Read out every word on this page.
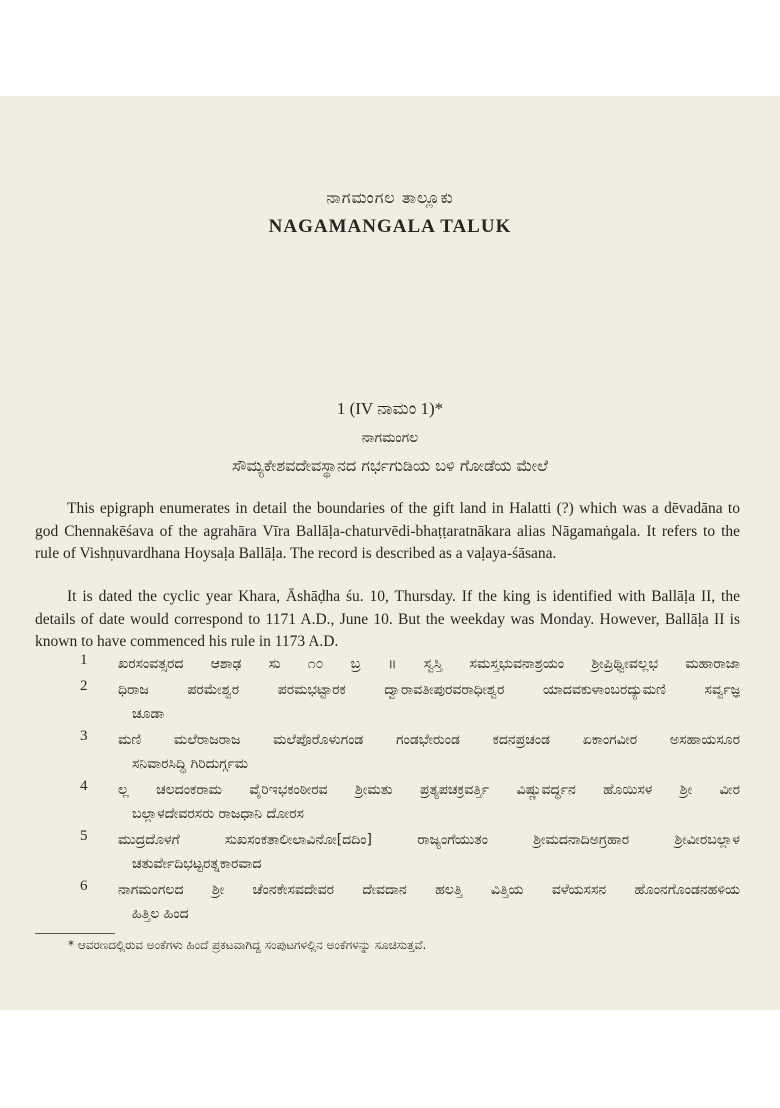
ನಾಗಮಂಗಲ ತಾಲ್ಲೂಕು
NAGAMANGALA TALUK
1 (IV ನಾಮಂ 1)*
ನಾಗಮಂಗಲ
ಸೌಮ್ಯಕೇಶವದೇವಸ್ಥಾನದ ಗರ್ಭಗುಡಿಯ ಬಳಿ ಗೋಡೆಯ ಮೇಲೆ

This epigraph enumerates in detail the boundaries of the gift land in Halatti (?) which was a dēvadāna to god Chennakēśava of the agrahāra Vīra Ballāḷa-chaturvēdi-bhaṭṭaratnākara alias Nāgamaṅgala. It refers to the rule of Vishṇuvardhana Hoysaḷa Ballāḷa. The record is described as a vaḷaya-śāsana.

It is dated the cyclic year Khara, Āshāḍha śu. 10, Thursday. If the king is identified with Ballāḷa II, the details of date would correspond to 1171 A.D., June 10. But the weekday was Monday. However, Ballāḷa II is known to have commenced his rule in 1173 A.D.

1	ಖರಸಂವತ್ಸರದ ಆಶಾಢ ಸು ೧೦ ಬ್ರ ॥ ಸ್ವಸ್ತಿ ಸಮಸ್ತಭುವನಾಶ್ರಯಂ ಶ್ರೀಪ್ರಿಥ್ವೀವಲ್ಲಭ ಮಹಾರಾಜಾ
2	ಧಿರಾಜ ಪರಮೇಶ್ವರ ಪರಮಭಟ್ಟಾರಕ ದ್ವಾರಾವತೀಪುರವರಾಧೀಶ್ವರ ಯಾದವಕುಳಾಂಬರದ್ಯುಮಣಿ ಸರ್ವ್ವಜ್ಞ
ಚೂಡಾ
3	ಮಣಿ ಮಲೆರಾಜರಾಜ ಮಲೆಪೊರೊಳುಗಂಡ ಗಂಡಭೇರುಂಡ ಕದನಪ್ರಚಂಡ ಏಕಾಂಗವೀರ ಅಸಹಾಯಸೂರ
ಸನಿವಾರಸಿದ್ಧಿ ಗಿರಿದುರ್ಗ್ಗಮ
4	ಲ್ಲ ಚಲದಂಕರಾಮ ವೈರಿಇಭಕಂಠೀರವ ಶ್ರೀಮತು ಪ್ರತ್ಯಪಚಕ್ರವರ್ತ್ತಿ ವಿಷ್ಣುವರ್ದ್ಧನ ಹೊಯಿಸಳ ಶ್ರೀ ವೀರ
ಬಲ್ಲಾಳದೇವರಸರು ರಾಜಧಾನಿ ದೋರಸ
5	ಮುದ್ರದೊಳಗೆ ಸುಖಸಂಕತಾಲೀಲಾವಿನೋ[ದದಿಂ] ರಾಜ್ಯಂಗೆಯುತಂ ಶ್ರೀಮದನಾದಿಅಗ್ರಹಾರ ಶ್ರೀವೀರಬಲ್ಲಾಳ
ಚತುರ್ವೇದಿಭಟ್ಟರತ್ನಕಾರವಾದ
6	ನಾಗಮಂಗಲದ ಶ್ರೀ ಚೆಂನಕೇಸವದೇವರ ದೇವದಾನ ಹಲತ್ತಿ ವಿತ್ತಿಯ ವಳೆಯಸಸನ ಹೊಂನಗೊಂಡನಹಳಿಯ
ಹಿತ್ತಿಲ ಹಿಂದ
* ಆವರಣದಲ್ಲಿರುವ ಅಂಕೆಗಳು ಹಿಂದೆ ಪ್ರಕಟವಾಗಿದ್ದ ಸಂಪುಟಗಳಲ್ಲಿನ ಅಂಕೆಗಳನ್ನು ಸೂಚಿಸುತ್ತವೆ.
